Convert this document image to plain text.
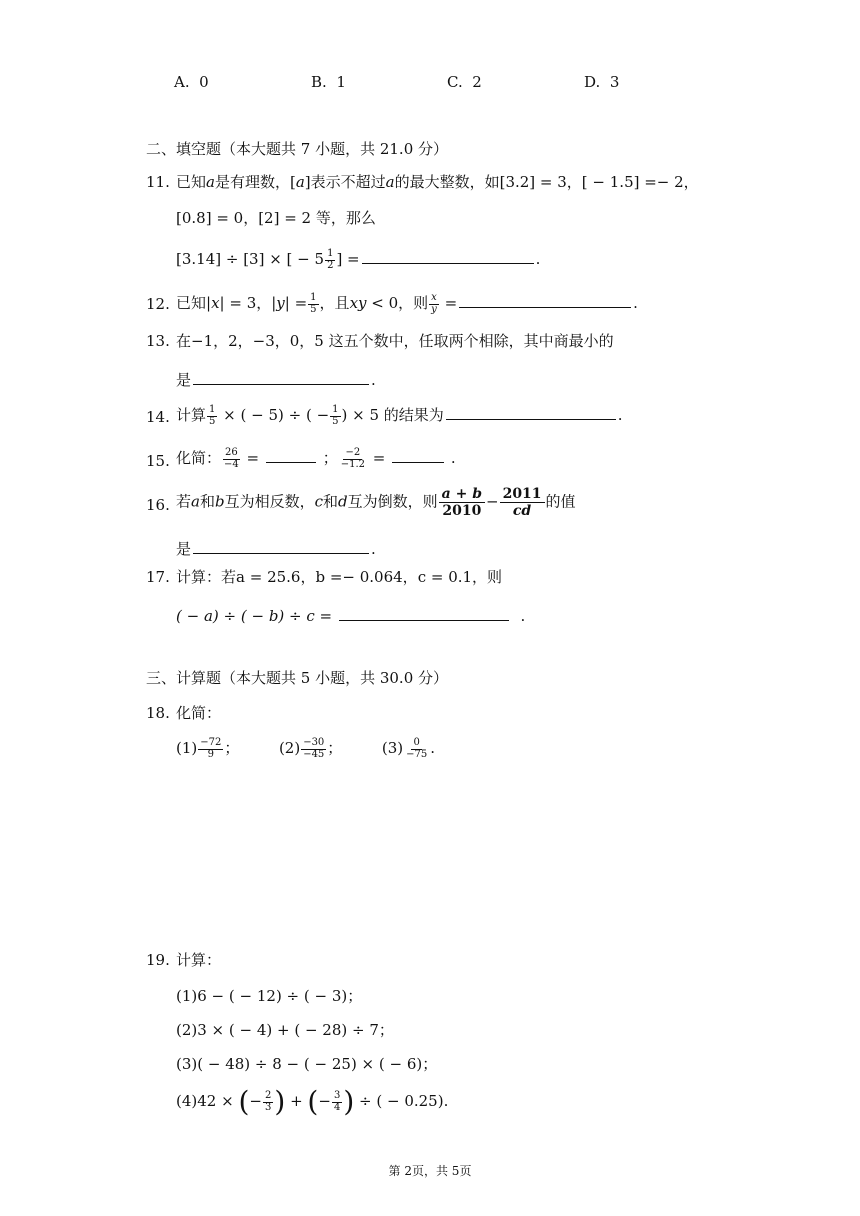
A. 0	B. 1	C. 2	D. 3
二、填空题（本大题共 7 小题，共 21.0 分）
11. 已知a是有理数，[a]表示不超过a的最大整数，如[3.2] = 3，[ − 1.5] =− 2，
[0.8] = 0，[2] = 2 等，那么
[3.14] ÷ [3] × [ − $5 \frac{1}{2}$ ] =	.
12. 已知|x| = 3，$|y| = \frac{1}{5}$ ，且xy < 0，则 $\frac{x}{y}$ =	.
13. 在−1，2，−3，0，5 这五个数中，任取两个相除，其中商最小的
是	.
14. 计算 $\frac{1}{5}$ × ( − 5) ÷ ( − $\frac{1}{5}$ ) × 5 的结果为	.
15. 化简： $\frac{26}{-4}$ =	； $\frac{-2}{-1.2}$ =	.
16. 若a和b互为相反数，c和d互为倒数，则 $\frac{a + b}{2010} - \frac{2011}{cd}$ 的值
是	.
17. 计算：若a = 25.6，b =− 0.064，c = 0.1，则
( − a) ÷ ( − b) ÷ c =	.
三、计算题（本大题共 5 小题，共 30.0 分）
18. 化简：
$(1) \frac{-72}{9}$ ；	$(2) \frac{-30}{-45}$ ；	$(3) \frac{0}{-75}$ .
19. 计算：
(1)6 − ( − 12) ÷ ( − 3)；
(2)3 × ( − 4) + ( − 28) ÷ 7；
(3)( − 48) ÷ 8 − ( − 25) × ( − 6)；
(4)42 × (− $\frac{2}{3}$ ) + (− $\frac{3}{4}$ ) ÷ ( − 0.25).
第 2页，共 5页
